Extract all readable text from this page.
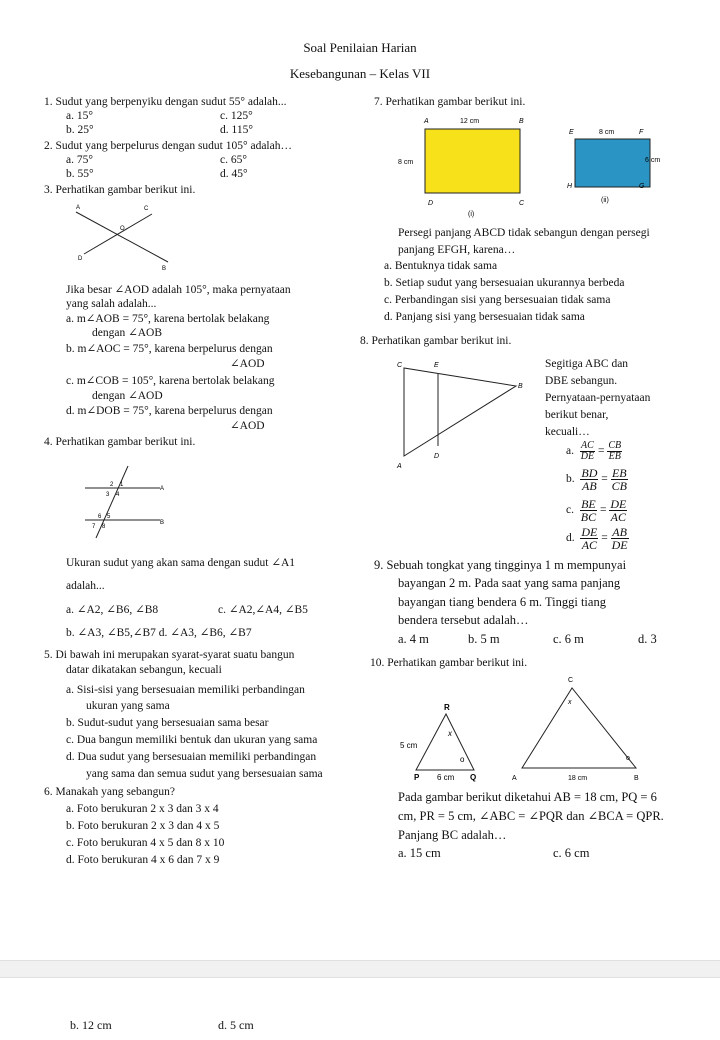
Soal Penilaian Harian
Kesebangunan – Kelas VII
1. Sudut yang berpenyiku dengan sudut 55° adalah...
a. 15°	c. 125°
b. 25°	d. 115°
2. Sudut yang berpelurus dengan sudut 105° adalah…
a. 75°	c. 65°
b. 55°	d. 45°
3. Perhatikan gambar berikut ini.
A	C
O
D
B
Jika besar ∠AOD adalah 105°, maka pernyataan
yang salah adalah...
a. m∠AOB = 75°, karena bertolak belakang
dengan ∠AOB
b. m∠AOC = 75°, karena berpelurus dengan
∠AOD
c. m∠COB = 105°, karena bertolak belakang
dengan ∠AOD
d. m∠DOB = 75°, karena berpelurus dengan
∠AOD
4. Perhatikan gambar berikut ini.
2 1
3 4
A
6 5
7 8
B
Ukuran sudut yang akan sama dengan sudut ∠A1
adalah...
a. ∠A2, ∠B6, ∠B8	c. ∠A2,∠A4, ∠B5
b. ∠A3, ∠B5,∠B7 d. ∠A3, ∠B6, ∠B7
5. Di bawah ini merupakan syarat-syarat suatu bangun
datar dikatakan sebangun, kecuali
a. Sisi-sisi yang bersesuaian memiliki perbandingan
ukuran yang sama
b. Sudut-sudut yang bersesuaian sama besar
c. Dua bangun memiliki bentuk dan ukuran yang sama
d. Dua sudut yang bersesuaian memiliki perbandingan
yang sama dan semua sudut yang bersesuaian sama
6. Manakah yang sebangun?
a. Foto berukuran 2 x 3 dan 3 x 4
b. Foto berukuran 2 x 3 dan 4 x 5
c. Foto berukuran 4 x 5 dan 8 x 10
d. Foto berukuran 4 x 6 dan 7 x 9
7. Perhatikan gambar berikut ini.
A	B
D	C
12 cm
8 cm
(i)
E	F
H	G
8 cm
6 cm
(ii)
Persegi panjang ABCD tidak sebangun dengan persegi
panjang EFGH, karena…
a. Bentuknya tidak sama
b. Setiap sudut yang bersesuaian ukurannya berbeda
c. Perbandingan sisi yang bersesuaian tidak sama
d. Panjang sisi yang bersesuaian tidak sama
8. Perhatikan gambar berikut ini.
C	E
B
D
A
Segitiga ABC dan
DBE sebangun.
Pernyataan-pernyataan
berikut benar,
kecuali…
a. $\frac{AC}{DE} = \frac{CB}{EB}$
b. $\frac{BD}{AB} = \frac{EB}{CB}$
c. $\frac{BE}{BC} = \frac{DE}{AC}$
d. $\frac{DE}{AC} = \frac{AB}{DE}$
9. Sebuah tongkat yang tingginya 1 m mempunyai
bayangan 2 m. Pada saat yang sama panjang
bayangan tiang bendera 6 m. Tinggi tiang
bendera tersebut adalah…
a. 4 m	b. 5 m	c. 6 m	d. 3
10. Perhatikan gambar berikut ini.
R
P	Q
5 cm
6 cm
x
o
C
A	B
18 cm
x
o
Pada gambar berikut diketahui AB = 18 cm, PQ = 6
cm, PR = 5 cm, ∠ABC = ∠PQR dan ∠BCA = QPR.
Panjang BC adalah…
a. 15 cm	c. 6 cm
b. 12 cm	d. 5 cm
